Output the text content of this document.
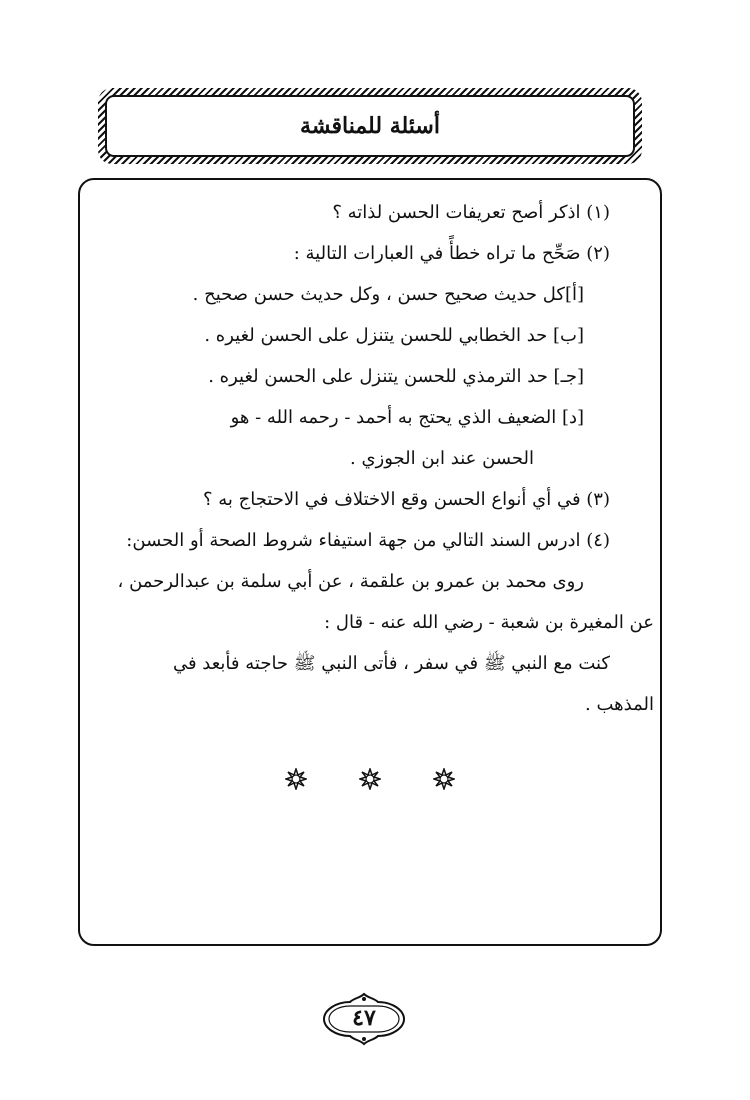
أسئلة للمناقشة
(١) اذكر أصح تعريفات الحسن لذاته ؟
(٢) صَحِّح ما تراه خطأً في العبارات التالية :
[أ]كل حديث صحيح حسن ، وكل حديث حسن صحيح .
[ب] حد الخطابي للحسن يتنزل على الحسن لغيره .
[جـ] حد الترمذي للحسن يتنزل على الحسن لغيره .
[د] الضعيف الذي يحتج به أحمد - رحمه الله - هو
الحسن عند ابن الجوزي .
(٣) في أي أنواع الحسن وقع الاختلاف في الاحتجاج به ؟
(٤) ادرس السند التالي من جهة استيفاء شروط الصحة أو الحسن:
روى محمد بن عمرو بن علقمة ، عن أبي سلمة بن عبدالرحمن ،
عن المغيرة بن شعبة - رضي الله عنه - قال :
كنت مع النبي ﷺ في سفر ، فأتى النبي ﷺ حاجته فأبعد في
المذهب .
٤٧
